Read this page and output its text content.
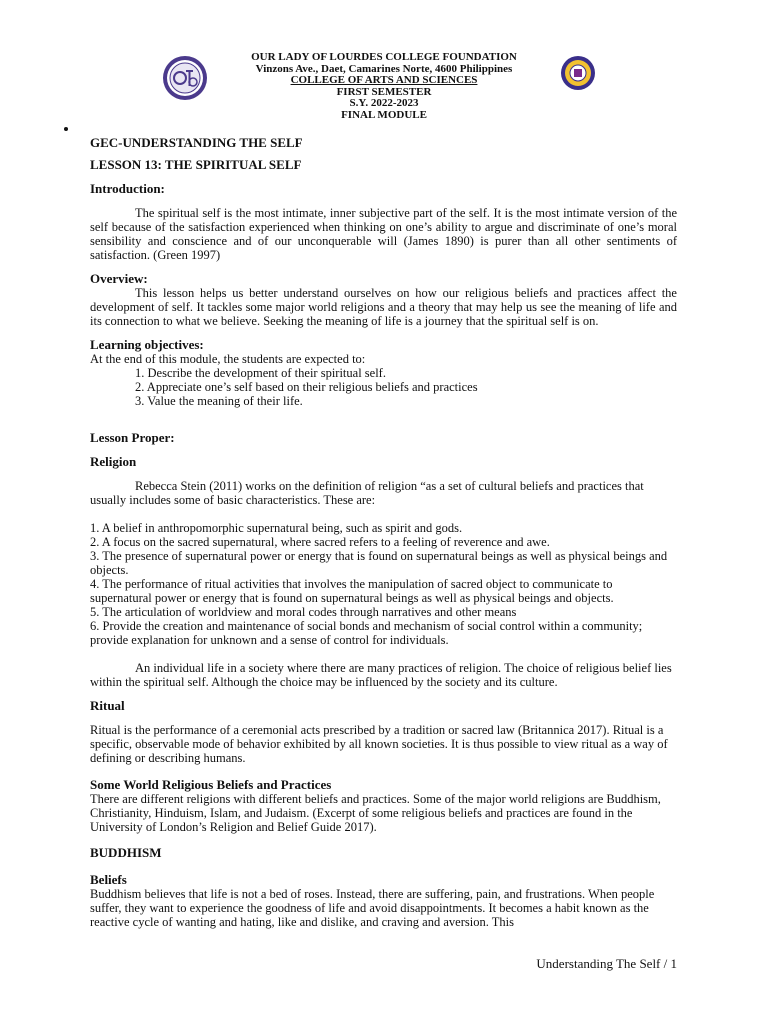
OUR LADY OF LOURDES COLLEGE FOUNDATION
Vinzons Ave., Daet, Camarines Norte, 4600 Philippines
COLLEGE OF ARTS AND SCIENCES
FIRST SEMESTER
S.Y. 2022-2023
FINAL MODULE

GEC-UNDERSTANDING THE SELF

LESSON 13: THE SPIRITUAL SELF

Introduction:

The spiritual self is the most intimate, inner subjective part of the self. It is the most intimate version of the self because of the satisfaction experienced when thinking on one’s ability to argue and discriminate of one’s moral sensibility and conscience and of our unconquerable will (James 1890) is purer than all other sentiments of satisfaction. (Green 1997)

Overview:

This lesson helps us better understand ourselves on how our religious beliefs and practices affect the development of self. It tackles some major world religions and a theory that may help us see the meaning of life and its connection to what we believe. Seeking the meaning of life is a journey that the spiritual self is on.

Learning objectives:

At the end of this module, the students are expected to:

1. Describe the development of their spiritual self.

2. Appreciate one’s self based on their religious beliefs and practices

3. Value the meaning of their life.

Lesson Proper:

Religion

Rebecca Stein (2011) works on the definition of religion “as a set of cultural beliefs and practices that usually includes some of basic characteristics. These are:

1. A belief in anthropomorphic supernatural being, such as spirit and gods.

2. A focus on the sacred supernatural, where sacred refers to a feeling of reverence and awe.

3. The presence of supernatural power or energy that is found on supernatural beings as well as physical beings and objects.

4. The performance of ritual activities that involves the manipulation of sacred object to communicate to supernatural power or energy that is found on supernatural beings as well as physical beings and objects.

5. The articulation of worldview and moral codes through narratives and other means

6. Provide the creation and maintenance of social bonds and mechanism of social control within a community; provide explanation for unknown and a sense of control for individuals.

An individual life in a society where there are many practices of religion. The choice of religious belief lies within the spiritual self. Although the choice may be influenced by the society and its culture.

Ritual

Ritual is the performance of a ceremonial acts prescribed by a tradition or sacred law (Britannica 2017). Ritual is a specific, observable mode of behavior exhibited by all known societies. It is thus possible to view ritual as a way of defining or describing humans.

Some World Religious Beliefs and Practices

There are different religions with different beliefs and practices. Some of the major world religions are Buddhism, Christianity, Hinduism, Islam, and Judaism. (Excerpt of some religious beliefs and practices are found in the University of London’s Religion and Belief Guide 2017).

BUDDHISM

Beliefs

Buddhism believes that life is not a bed of roses. Instead, there are suffering, pain, and frustrations. When people suffer, they want to experience the goodness of life and avoid disappointments. It becomes a habit known as the reactive cycle of wanting and hating, like and dislike, and craving and aversion. This

Understanding The Self / 1
